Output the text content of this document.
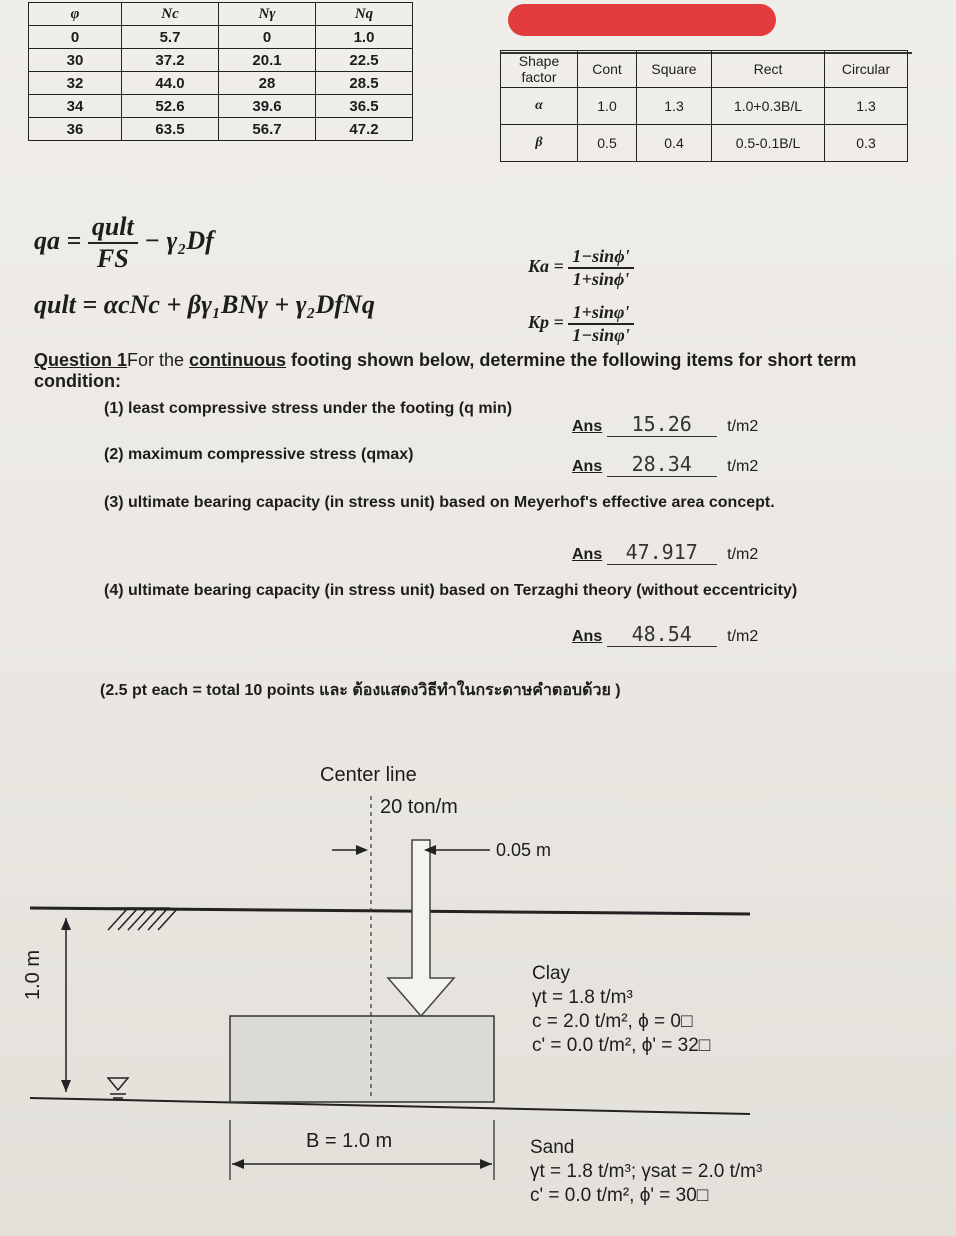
φ	Nc	Nγ	Nq
0	5.7	0	1.0
30	37.2	20.1	22.5
32	44.0	28	28.5
34	52.6	39.6	36.5
36	63.5	56.7	47.2
Shape factor	Cont	Square	Rect	Circular
α	1.0	1.3	1.0+0.3B/L	1.3
β	0.5	0.4	0.5-0.1B/L	0.3
qa = $\frac{\text{qult}}{FS} - \gamma_2Df$
qult = αcNc + βγ₁BNγ + γ₂DfNq
$Ka = \frac{1-\sin\phi'}{1+\sin\phi'}$
$Kp = \frac{1+\sin\varphi'}{1-\sin\varphi'}$
Question 1For the continuous footing shown below, determine the following items for short term condition:
(1) least compressive stress under the footing (q min)
Ans 15.26 t/m2
(2) maximum compressive stress (qmax)
Ans 28.34 t/m2
(3) ultimate bearing capacity (in stress unit) based on Meyerhof's effective area concept.
Ans 47.917 t/m2
(4) ultimate bearing capacity (in stress unit) based on Terzaghi theory (without eccentricity)
Ans 48.54 t/m2
(2.5 pt each = total 10 points และ ต้องแสดงวิธีทำในกระดาษคำตอบด้วย )
Center line
20 ton/m
0.05 m
1.0 m
B = 1.0 m
Clay
γt = 1.8 t/m³
c = 2.0 t/m², ϕ = 0□
c' = 0.0 t/m², ϕ' = 32□
Sand
γt = 1.8 t/m³; γsat = 2.0 t/m³
c' = 0.0 t/m², ϕ' = 30□
